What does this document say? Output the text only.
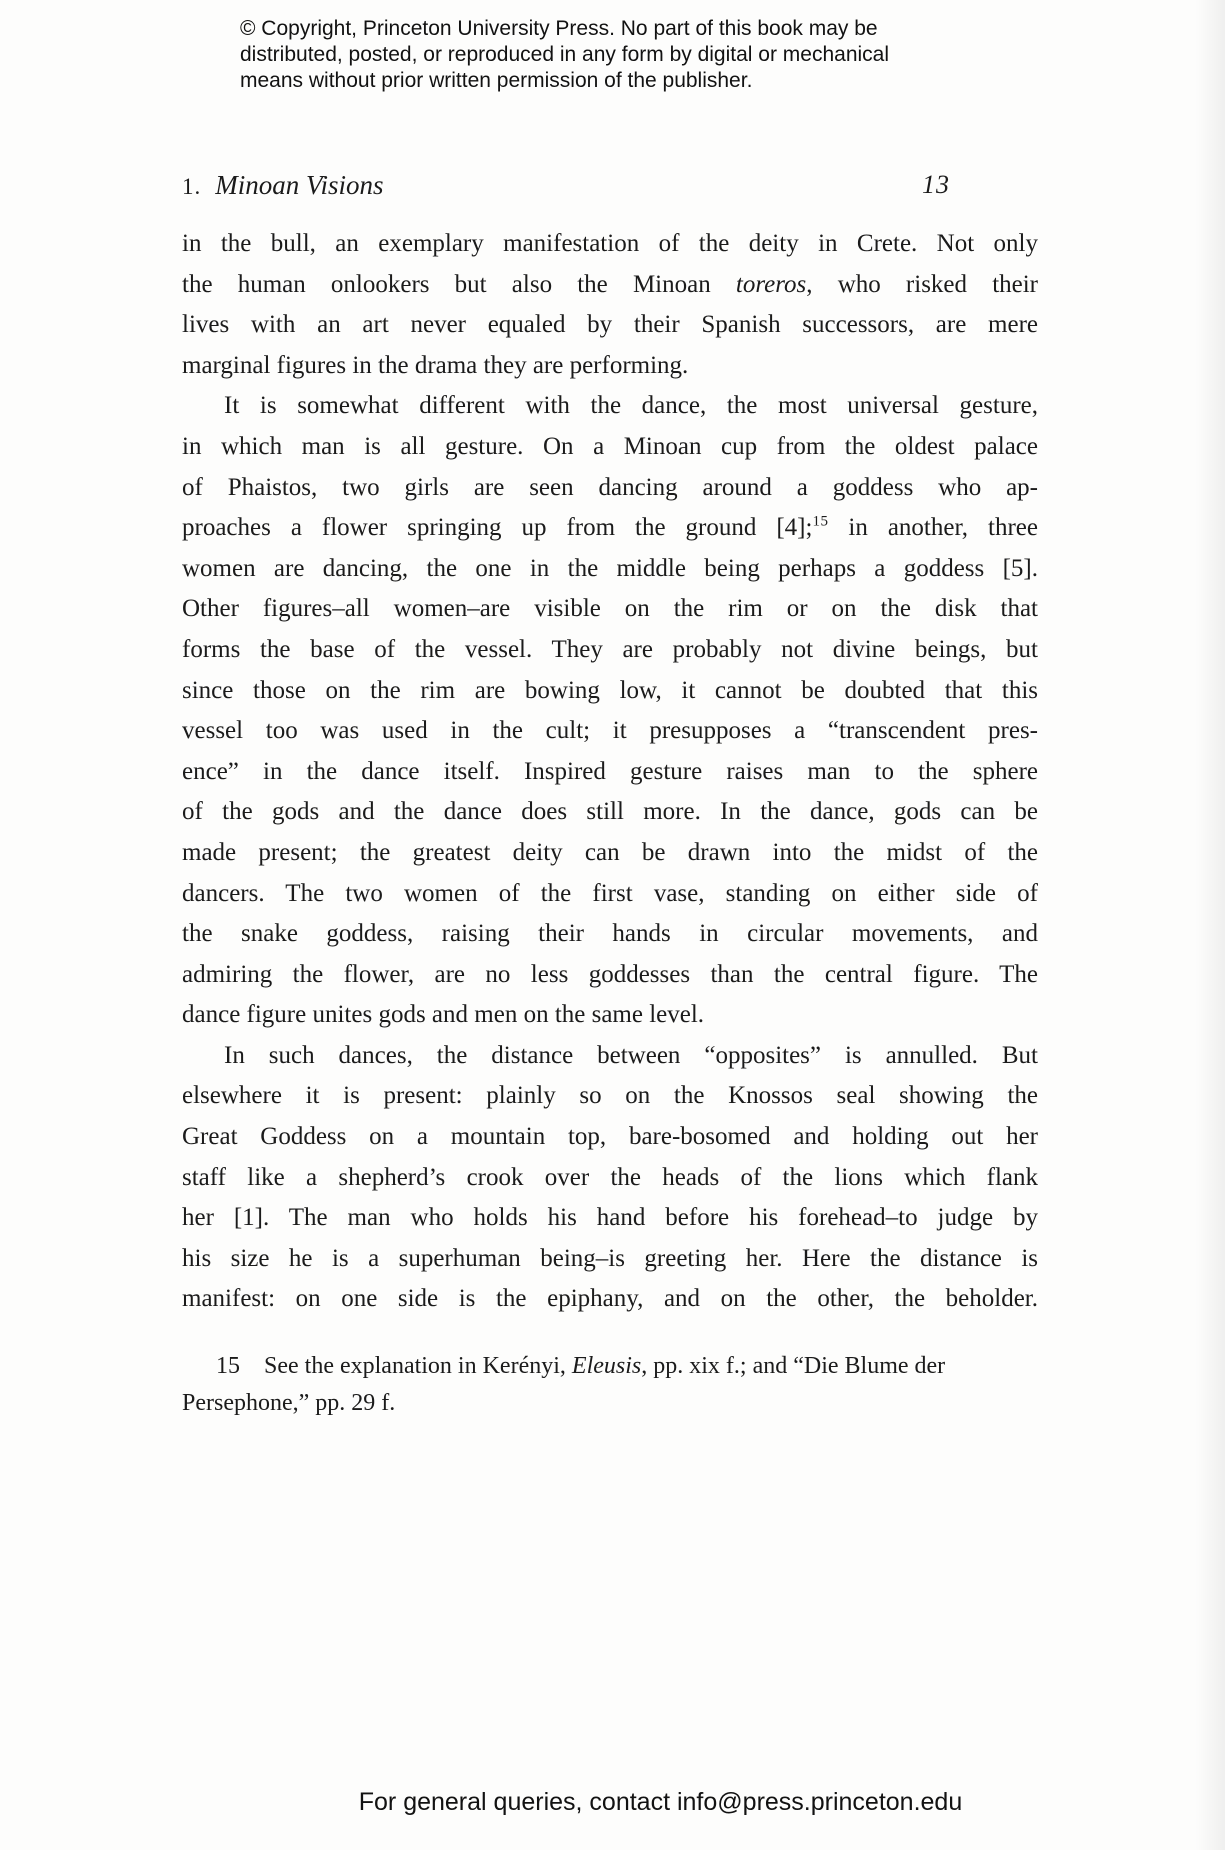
© Copyright, Princeton University Press. No part of this book may be
distributed, posted, or reproduced in any form by digital or mechanical
means without prior written permission of the publisher.
1. Minoan Visions	13
in the bull, an exemplary manifestation of the deity in Crete. Not only
the human onlookers but also the Minoan toreros, who risked their
lives with an art never equaled by their Spanish successors, are mere
marginal figures in the drama they are performing.
It is somewhat different with the dance, the most universal gesture,
in which man is all gesture. On a Minoan cup from the oldest palace
of Phaistos, two girls are seen dancing around a goddess who ap-
proaches a flower springing up from the ground [4];$^{15}$ in another, three
women are dancing, the one in the middle being perhaps a goddess [5].
Other figures–all women–are visible on the rim or on the disk that
forms the base of the vessel. They are probably not divine beings, but
since those on the rim are bowing low, it cannot be doubted that this
vessel too was used in the cult; it presupposes a “transcendent pres-
ence” in the dance itself. Inspired gesture raises man to the sphere
of the gods and the dance does still more. In the dance, gods can be
made present; the greatest deity can be drawn into the midst of the
dancers. The two women of the first vase, standing on either side of
the snake goddess, raising their hands in circular movements, and
admiring the flower, are no less goddesses than the central figure. The
dance figure unites gods and men on the same level.
In such dances, the distance between “opposites” is annulled. But
elsewhere it is present: plainly so on the Knossos seal showing the
Great Goddess on a mountain top, bare-bosomed and holding out her
staff like a shepherd’s crook over the heads of the lions which flank
her [1]. The man who holds his hand before his forehead–to judge by
his size he is a superhuman being–is greeting her. Here the distance is
manifest: on one side is the epiphany, and on the other, the beholder.
15  See the explanation in Kerényi, Eleusis, pp. xix f.; and “Die Blume der
Persephone,” pp. 29 f.
For general queries, contact info@press.princeton.edu
